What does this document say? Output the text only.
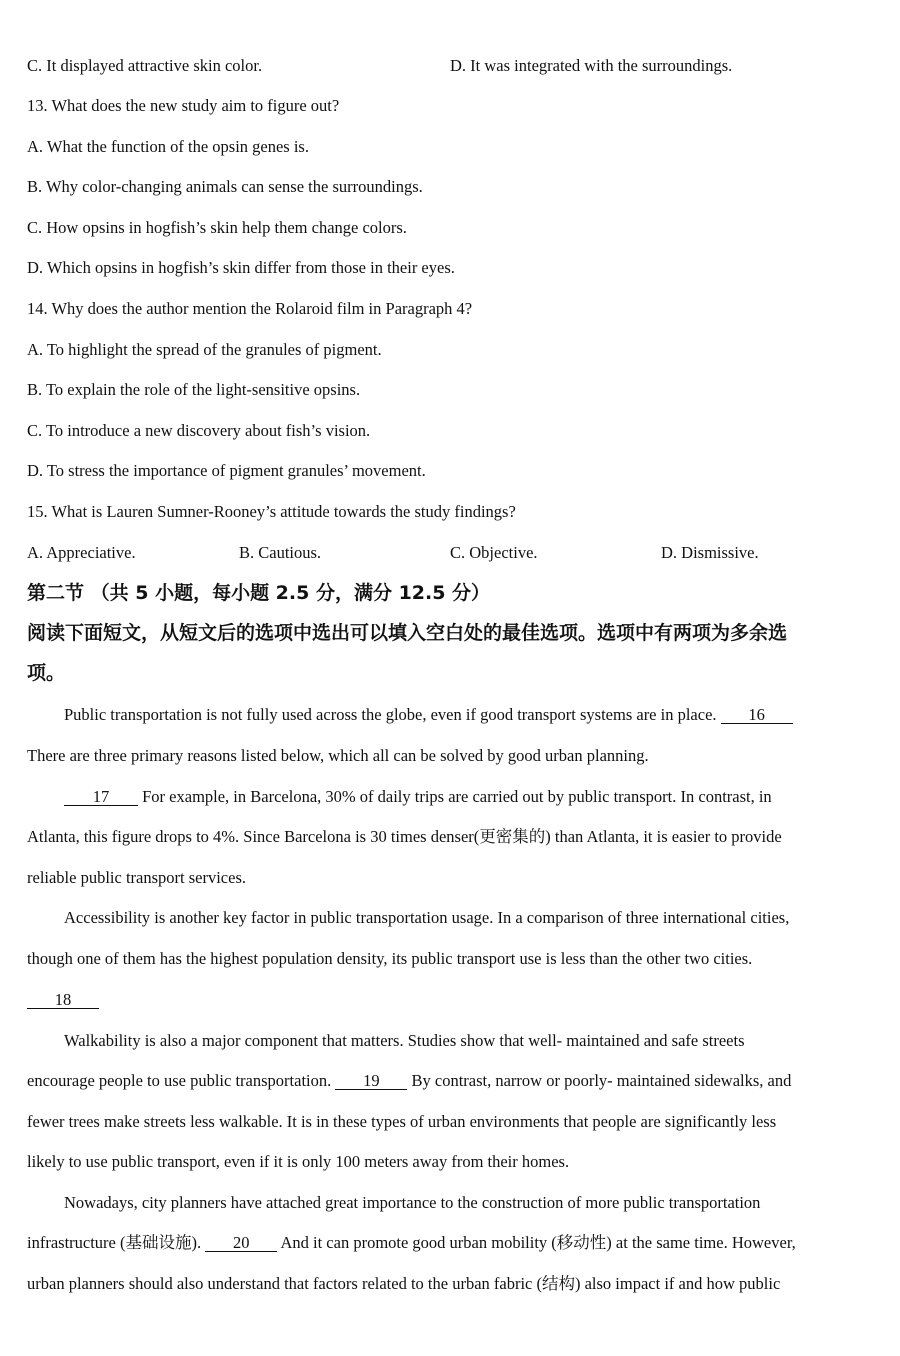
C. It displayed attractive skin color.	D. It was integrated with the surroundings.
13. What does the new study aim to figure out?
A. What the function of the opsin genes is.
B. Why color-changing animals can sense the surroundings.
C. How opsins in hogfish’s skin help them change colors.
D. Which opsins in hogfish’s skin differ from those in their eyes.
14. Why does the author mention the Rolaroid film in Paragraph 4?
A. To highlight the spread of the granules of pigment.
B. To explain the role of the light-sensitive opsins.
C. To introduce a new discovery about fish’s vision.
D. To stress the importance of pigment granules’ movement.
15. What is Lauren Sumner-Rooney’s attitude towards the study findings?
A. Appreciative.	B. Cautious.	C. Objective.	D. Dismissive.
第二节 （共 5 小题，每小题 2.5 分，满分 12.5 分）
阅读下面短文，从短文后的选项中选出可以填入空白处的最佳选项。选项中有两项为多余选
项。
Public transportation is not fully used across the globe, even if good transport systems are in place. 16
There are three primary reasons listed below, which all can be solved by good urban planning.
17 For example, in Barcelona, 30% of daily trips are carried out by public transport. In contrast, in
Atlanta, this figure drops to 4%. Since Barcelona is 30 times denser(更密集的) than Atlanta, it is easier to provide
reliable public transport services.
Accessibility is another key factor in public transportation usage. In a comparison of three international cities,
though one of them has the highest population density, its public transport use is less than the other two cities.
18
Walkability is also a major component that matters. Studies show that well- maintained and safe streets
encourage people to use public transportation. 19 By contrast, narrow or poorly- maintained sidewalks, and
fewer trees make streets less walkable. It is in these types of urban environments that people are significantly less
likely to use public transport, even if it is only 100 meters away from their homes.
Nowadays, city planners have attached great importance to the construction of more public transportation
infrastructure (基础设施). 20 And it can promote good urban mobility (移动性) at the same time. However,
urban planners should also understand that factors related to the urban fabric (结构) also impact if and how public
